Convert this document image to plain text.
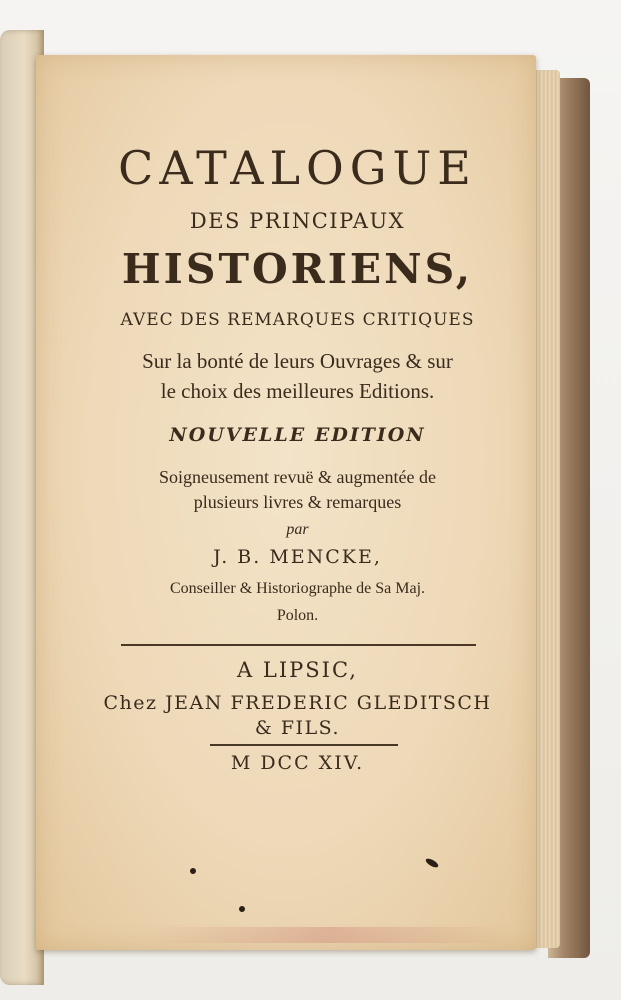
CATALOGUE
DES PRINCIPAUX
HISTORIENS,
AVEC DES REMARQUES CRITIQUES
Sur la bonté de leurs Ouvrages & sur
le choix des meilleures Editions.
NOUVELLE EDITION
Soigneusement revuë & augmentée de
plusieurs livres & remarques
par
J. B. MENCKE,
Conseiller & Historiographe de Sa Maj.
Polon.
A LIPSIC,
Chez JEAN FREDERIC GLEDITSCH
& FILS.
M DCC XIV.
